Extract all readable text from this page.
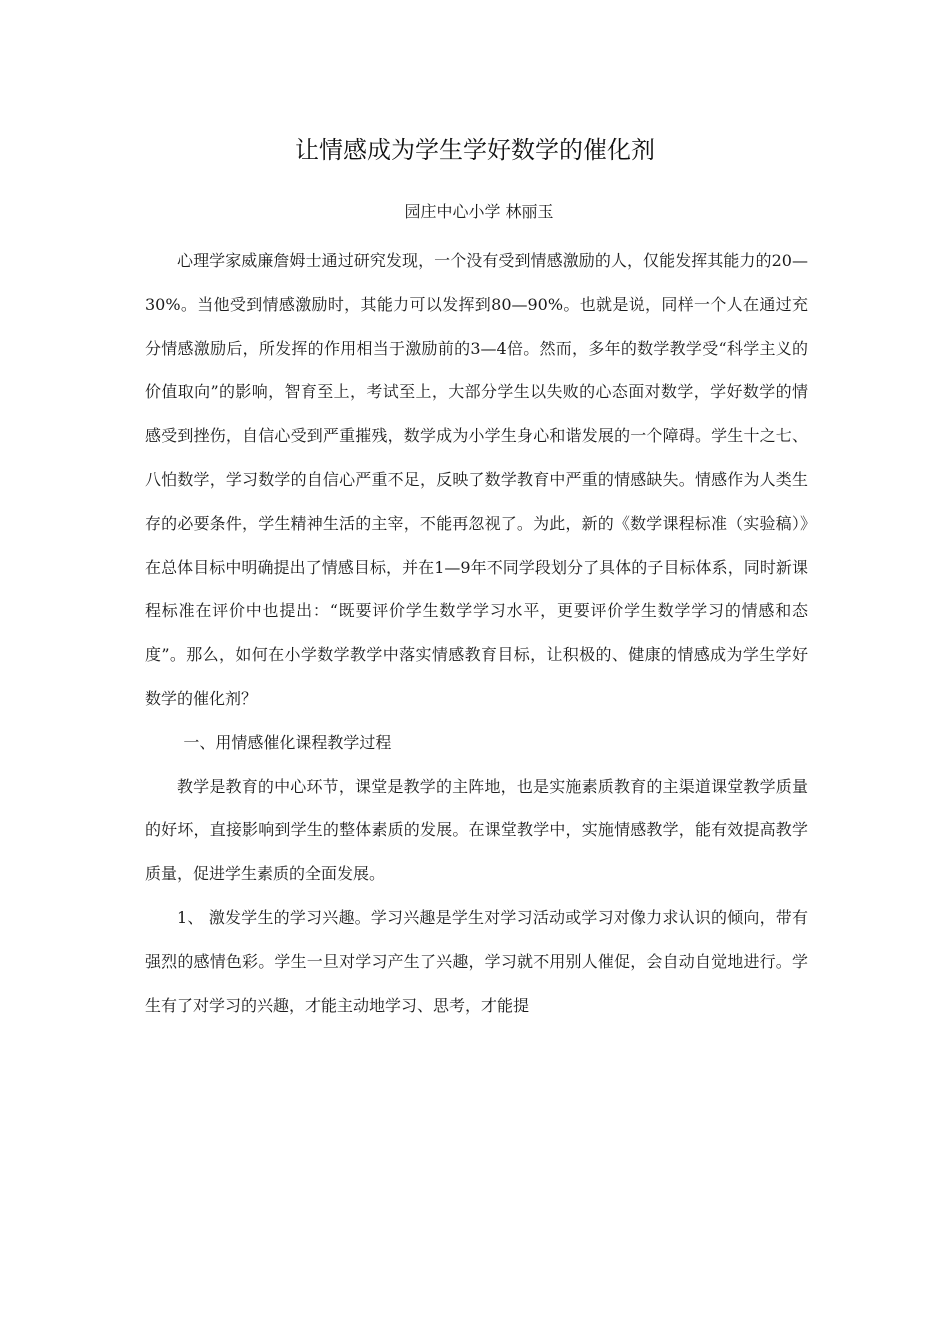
让情感成为学生学好数学的催化剂
园庄中心小学 林丽玉

心理学家威廉詹姆士通过研究发现，一个没有受到情感激励的人，仅能发挥其能力的20—30%。当他受到情感激励时，其能力可以发挥到80—90%。也就是说，同样一个人在通过充分情感激励后，所发挥的作用相当于激励前的3—4倍。然而，多年的数学教学受“科学主义的价值取向”的影响，智育至上，考试至上，大部分学生以失败的心态面对数学，学好数学的情感受到挫伤，自信心受到严重摧残，数学成为小学生身心和谐发展的一个障碍。学生十之七、八怕数学，学习数学的自信心严重不足，反映了数学教育中严重的情感缺失。情感作为人类生存的必要条件，学生精神生活的主宰，不能再忽视了。为此，新的《数学课程标准（实验稿）》在总体目标中明确提出了情感目标，并在1—9年不同学段划分了具体的子目标体系，同时新课程标准在评价中也提出：“既要评价学生数学学习水平，更要评价学生数学学习的情感和态度”。那么，如何在小学数学教学中落实情感教育目标，让积极的、健康的情感成为学生学好数学的催化剂？

一、用情感催化课程教学过程

教学是教育的中心环节，课堂是教学的主阵地，也是实施素质教育的主渠道课堂教学质量的好坏，直接影响到学生的整体素质的发展。在课堂教学中，实施情感教学，能有效提高教学质量，促进学生素质的全面发展。

1、 激发学生的学习兴趣。学习兴趣是学生对学习活动或学习对像力求认识的倾向，带有强烈的感情色彩。学生一旦对学习产生了兴趣，学习就不用别人催促，会自动自觉地进行。学生有了对学习的兴趣，才能主动地学习、思考，才能提
